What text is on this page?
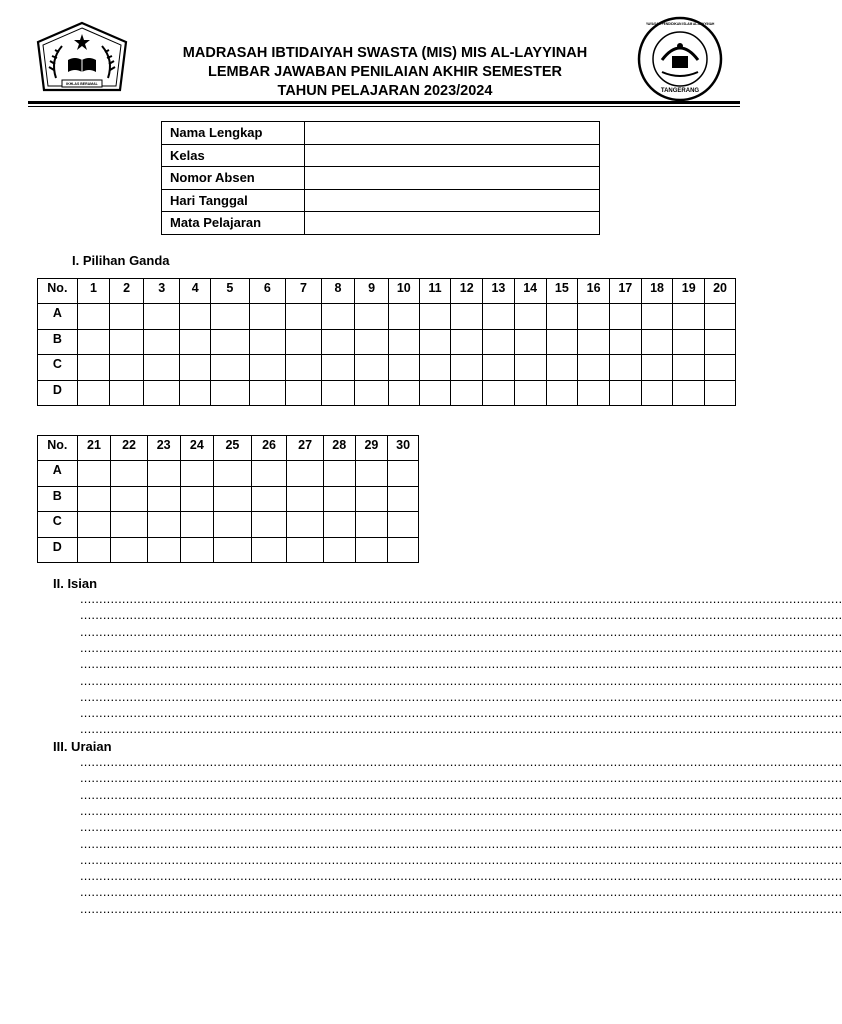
IKHLAS BERAMAL
YAYASAN PENDIDIKAN ISLAM AL-LAYYINAH
TANGERANG
MADRASAH IBTIDAIYAH SWASTA (MIS) MIS AL-LAYYINAH
LEMBAR JAWABAN PENILAIAN AKHIR SEMESTER
TAHUN PELAJARAN 2023/2024
Nama Lengkap	
Kelas	
Nomor Absen	
Hari Tanggal	
Mata Pelajaran	
I. Pilihan Ganda
No.	1	2	3	4	5	6	7	8	9	10	11	12	13	14	15	16	17	18	19	20
A																				
B																				
C																				
D																				
No.	21	22	23	24	25	26	27	28	29	30
A										
B										
C										
D										
II. Isian
........................................................................................................................................................................................................
........................................................................................................................................................................................................
........................................................................................................................................................................................................
........................................................................................................................................................................................................
........................................................................................................................................................................................................
........................................................................................................................................................................................................
........................................................................................................................................................................................................
........................................................................................................................................................................................................
........................................................................................................................................................................................................
III. Uraian
........................................................................................................................................................................................................
........................................................................................................................................................................................................
........................................................................................................................................................................................................
........................................................................................................................................................................................................
........................................................................................................................................................................................................
........................................................................................................................................................................................................
........................................................................................................................................................................................................
........................................................................................................................................................................................................
........................................................................................................................................................................................................
........................................................................................................................................................................................................
